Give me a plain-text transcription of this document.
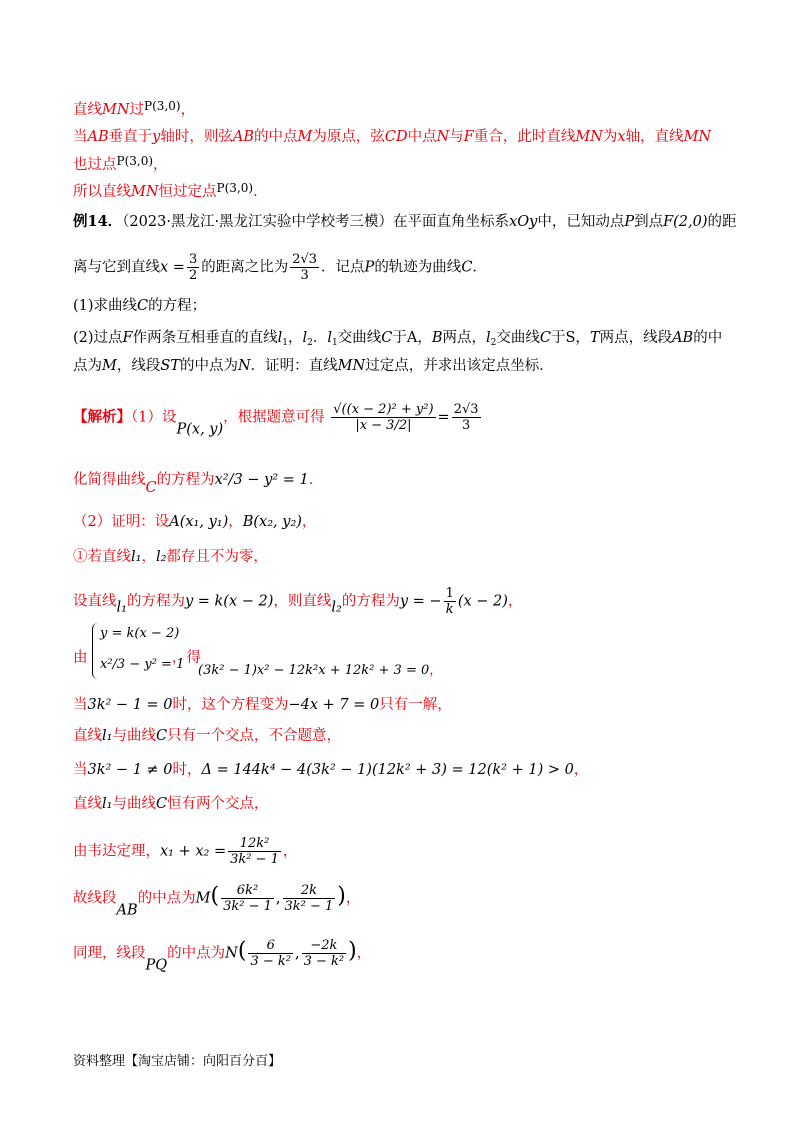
直线MN过$^{P(3,0)}$，
当AB垂直于y轴时，则弦AB的中点M为原点，弦CD中点N与F重合，此时直线MN为x轴，直线MN
也过点$^{P(3,0)}$，
所以直线MN恒过定点$^{P(3,0)}$.
例14．（2023·黑龙江·黑龙江实验中学校考三模）在平面直角坐标系xOy中，已知动点P到点F(2,0)的距
离与它到直线$x = \frac{3}{2}$ 的距离之比为 $\frac{2√3}{3}$ ．记点P的轨迹为曲线C．
(1)求曲线C的方程；
(2)过点F作两条互相垂直的直线$l_1$，$l_2$．$l_1$交曲线C于A，B两点，$l_2$交曲线C于S，T两点，线段AB的中
点为M，线段ST的中点为N．证明：直线MN过定点，并求出该定点坐标．
【解析】（1）设P(x, y)，根据题意可得 $\frac{\text{√((x − 2)² + y²)}}{|x - 3/2|} = \frac{2√3}{3}$
化简得曲线C的方程为x²/3 − y² = 1．
（2）证明：设A(x₁, y₁)，B(x₂, y₂)，
①若直线l₁，l₂都存且不为零，
设直线l₁的方程为y = k(x − 2)，则直线l₂的方程为y = − $\frac{1}{k} (x - 2)$，
由
y = k(x − 2)
x²/3 − y² = 1
，得
(3k² − 1)x² − 12k²x + 12k² + 3 = 0，
当3k² − 1 = 0时，这个方程变为−4x + 7 = 0只有一解，
直线l₁与曲线C只有一个交点，不合题意，
当3k² − 1 ≠ 0时，Δ = 144k⁴ − 4(3k² − 1)(12k² + 3) = 12(k² + 1) > 0，
直线l₁与曲线C恒有两个交点，
由韦达定理，$x_1 + x_2 = \frac{\text{12k²}}{\text{3k² − 1}}$ ，
故线段AB的中点为$M( \frac{\text{6k²}}{\text{3k² − 1}}$ , $\frac{2k}{\text{3k² − 1}}$ )，
同理，线段PQ的中点为$N( \frac{6}{\text{3 − k²}}$ , $\frac{-2k}{\text{3 − k²}}$ )，
资料整理【淘宝店铺：向阳百分百】
